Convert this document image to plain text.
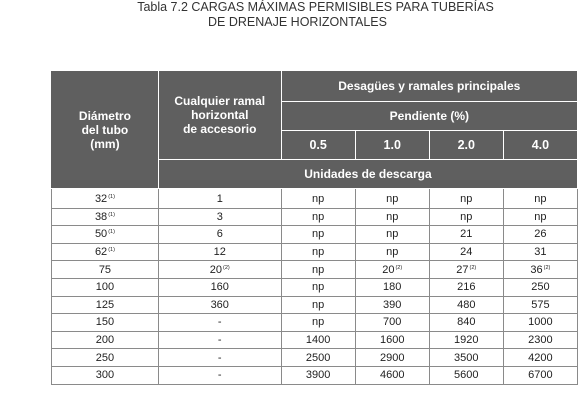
Tabla 7.2 CARGAS MÁXIMAS PERMISIBLES PARA TUBERÍAS
DE DRENAJE HORIZONTALES
Diámetro
del tubo
(mm)	Cualquier ramal
horizontal
de accesorio	Desagües y ramales principales			
		Pendiente (%)			
		0.5	1.0	2.0	4.0
	Unidades de descarga				
32$^{(1)}$	1	np	np	np	np
38$^{(1)}$	3	np	np	np	np
50$^{(1)}$	6	np	np	21	26
62$^{(1)}$	12	np	np	24	31
75	20$^{(2)}$	np	20$^{(2)}$	27$^{(2)}$	36$^{(2)}$
100	160	np	180	216	250
125	360	np	390	480	575
150	-	np	700	840	1000
200	-	1400	1600	1920	2300
250	-	2500	2900	3500	4200
300	-	3900	4600	5600	6700
